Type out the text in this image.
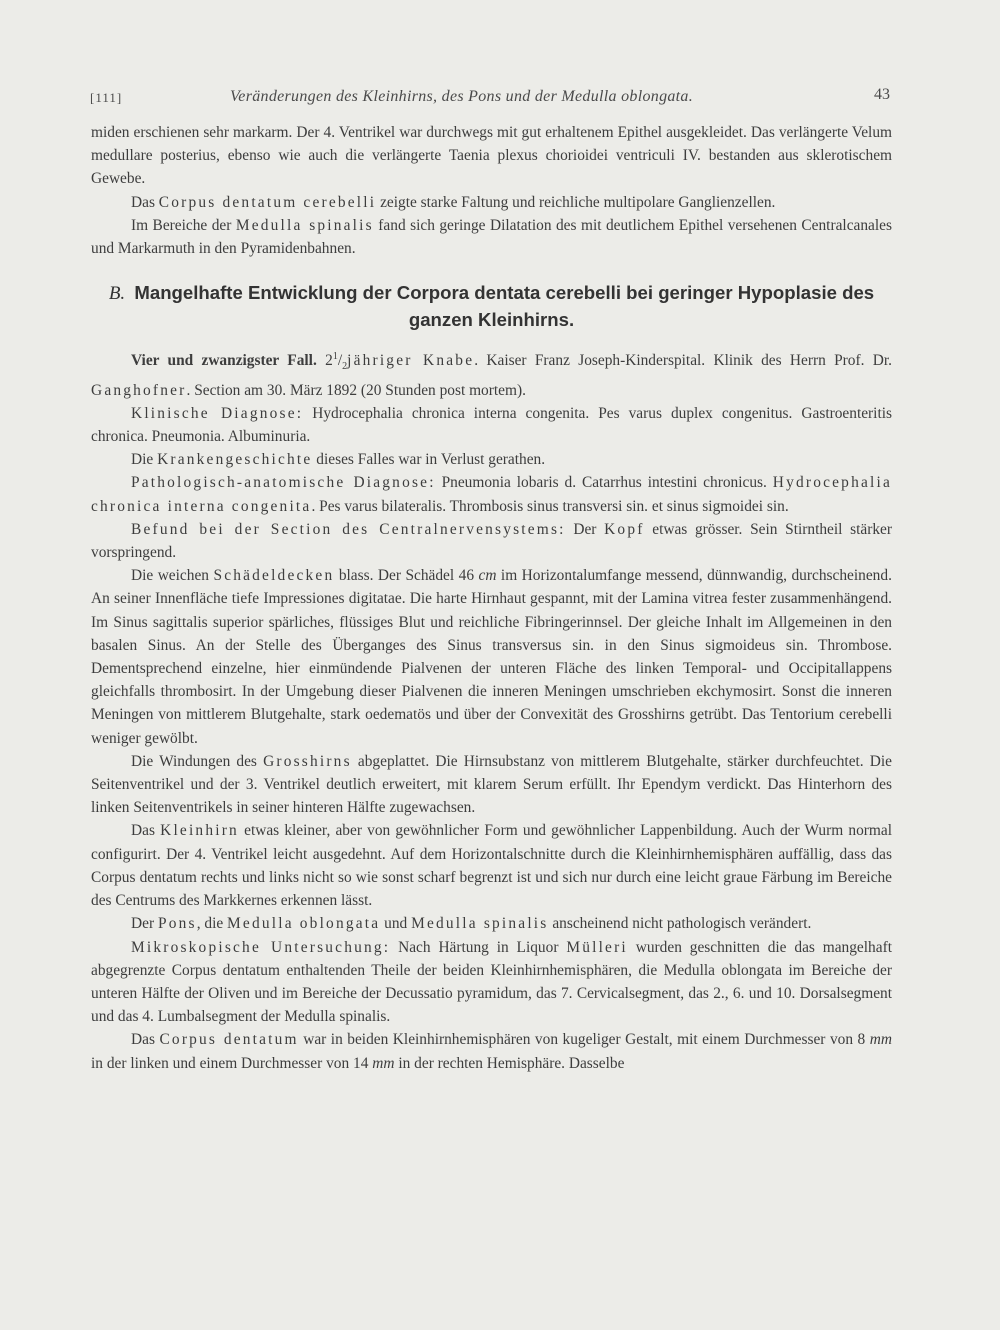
[111]	Veränderungen des Kleinhirns, des Pons und der Medulla oblongata.	43

miden erschienen sehr markarm. Der 4. Ventrikel war durchwegs mit gut erhaltenem Epithel ausgekleidet. Das verlängerte Velum medullare posterius, ebenso wie auch die verlängerte Taenia plexus chorioidei ventriculi IV. bestanden aus sklerotischem Gewebe.

Das Corpus dentatum cerebelli zeigte starke Faltung und reichliche multipolare Ganglienzellen.

Im Bereiche der Medulla spinalis fand sich geringe Dilatation des mit deutlichem Epithel versehenen Centralcanales und Markarmuth in den Pyramidenbahnen.

B. Mangelhafte Entwicklung der Corpora dentata cerebelli bei geringer Hypoplasie des ganzen Kleinhirns.

Vier und zwanzigster Fall. $2^1/_2jähriger$ Knabe. Kaiser Franz Joseph-Kinderspital. Klinik des Herrn Prof. Dr. Ganghofner. Section am 30. März 1892 (20 Stunden post mortem).

Klinische Diagnose: Hydrocephalia chronica interna congenita. Pes varus duplex congenitus. Gastroenteritis chronica. Pneumonia. Albuminuria.

Die Krankengeschichte dieses Falles war in Verlust gerathen.

Pathologisch-anatomische Diagnose: Pneumonia lobaris d. Catarrhus intestini chronicus. Hydrocephalia chronica interna congenita. Pes varus bilateralis. Thrombosis sinus transversi sin. et sinus sigmoidei sin.

Befund bei der Section des Centralnervensystems: Der Kopf etwas grösser. Sein Stirntheil stärker vorspringend.

Die weichen Schädeldecken blass. Der Schädel 46 cm im Horizontalumfange messend, dünnwandig, durchscheinend. An seiner Innenfläche tiefe Impressiones digitatae. Die harte Hirnhaut gespannt, mit der Lamina vitrea fester zusammenhängend. Im Sinus sagittalis superior spärliches, flüssiges Blut und reichliche Fibringerinnsel. Der gleiche Inhalt im Allgemeinen in den basalen Sinus. An der Stelle des Überganges des Sinus transversus sin. in den Sinus sigmoideus sin. Thrombose. Dementsprechend einzelne, hier einmündende Pialvenen der unteren Fläche des linken Temporal- und Occipitallappens gleichfalls thrombosirt. In der Umgebung dieser Pialvenen die inneren Meningen umschrieben ekchymosirt. Sonst die inneren Meningen von mittlerem Blutgehalte, stark oedematös und über der Convexität des Grosshirns getrübt. Das Tentorium cerebelli weniger gewölbt.

Die Windungen des Grosshirns abgeplattet. Die Hirnsubstanz von mittlerem Blutgehalte, stärker durchfeuchtet. Die Seitenventrikel und der 3. Ventrikel deutlich erweitert, mit klarem Serum erfüllt. Ihr Ependym verdickt. Das Hinterhorn des linken Seitenventrikels in seiner hinteren Hälfte zugewachsen.

Das Kleinhirn etwas kleiner, aber von gewöhnlicher Form und gewöhnlicher Lappenbildung. Auch der Wurm normal configurirt. Der 4. Ventrikel leicht ausgedehnt. Auf dem Horizontalschnitte durch die Kleinhirnhemisphären auffällig, dass das Corpus dentatum rechts und links nicht so wie sonst scharf begrenzt ist und sich nur durch eine leicht graue Färbung im Bereiche des Centrums des Markkernes erkennen lässt.

Der Pons, die Medulla oblongata und Medulla spinalis anscheinend nicht pathologisch verändert.

Mikroskopische Untersuchung: Nach Härtung in Liquor Mülleri wurden geschnitten die das mangelhaft abgegrenzte Corpus dentatum enthaltenden Theile der beiden Kleinhirnhemisphären, die Medulla oblongata im Bereiche der unteren Hälfte der Oliven und im Bereiche der Decussatio pyramidum, das 7. Cervicalsegment, das 2., 6. und 10. Dorsalsegment und das 4. Lumbalsegment der Medulla spinalis.

Das Corpus dentatum war in beiden Kleinhirnhemisphären von kugeliger Gestalt, mit einem Durchmesser von 8 mm in der linken und einem Durchmesser von 14 mm in der rechten Hemisphäre. Dasselbe
